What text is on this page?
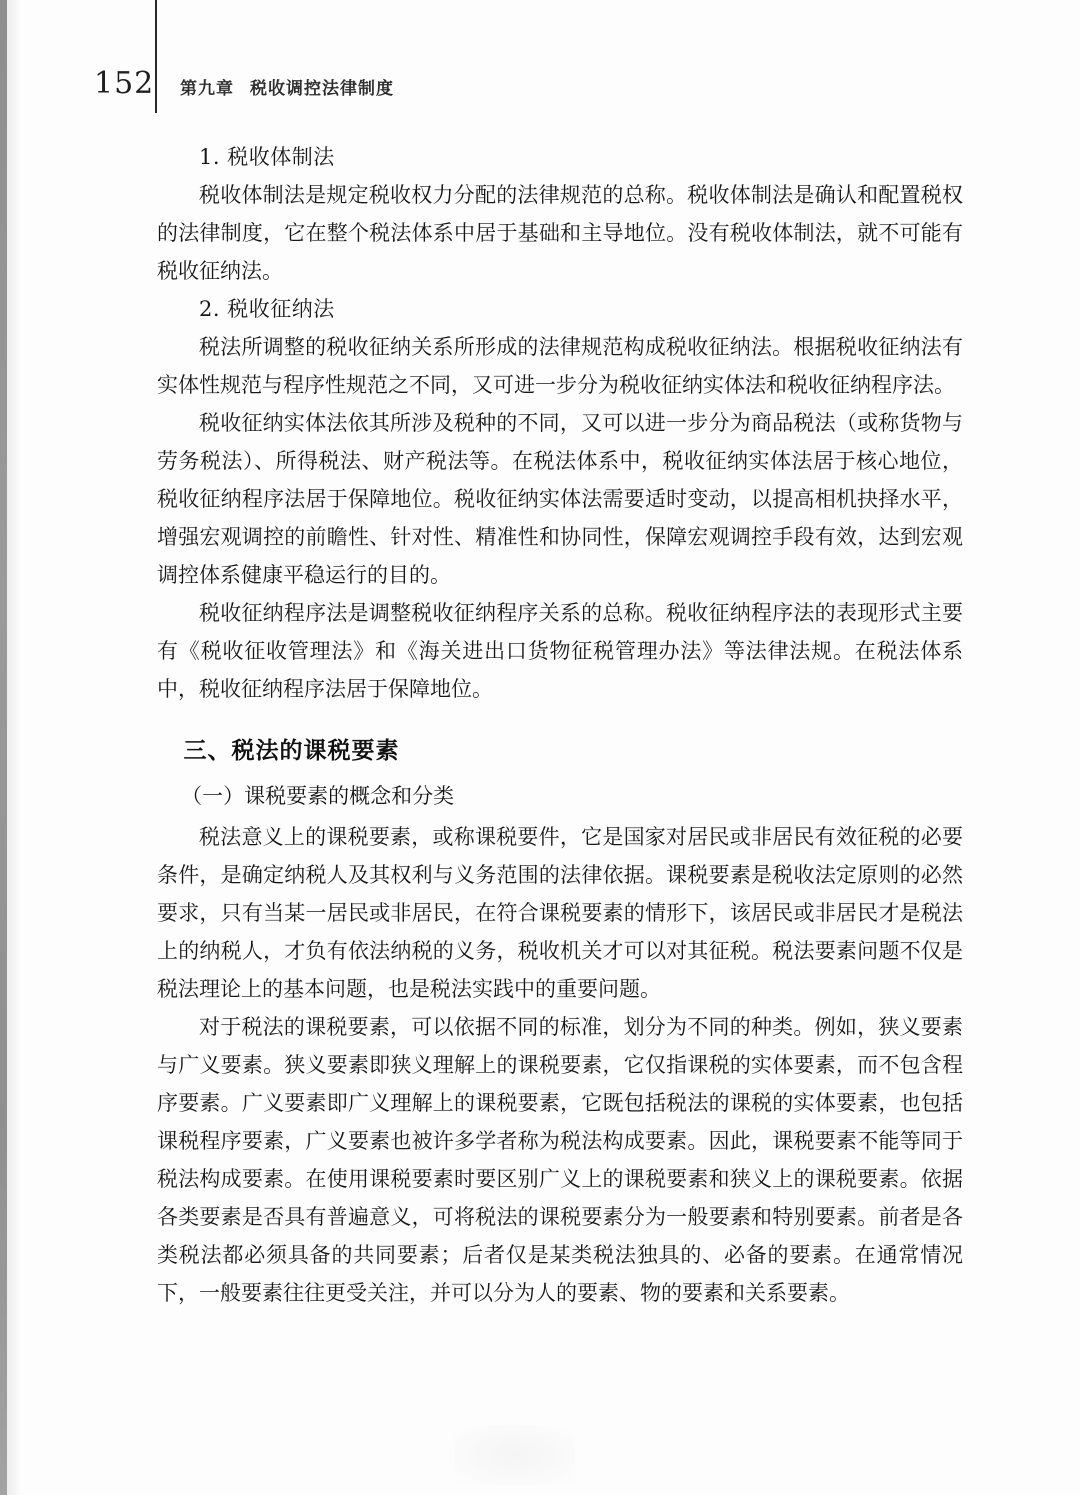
152 第九章 税收调控法律制度

1. 税收体制法

税收体制法是规定税收权力分配的法律规范的总称。税收体制法是确认和配置税权的法律制度，它在整个税法体系中居于基础和主导地位。没有税收体制法，就不可能有税收征纳法。

2. 税收征纳法

税法所调整的税收征纳关系所形成的法律规范构成税收征纳法。根据税收征纳法有实体性规范与程序性规范之不同，又可进一步分为税收征纳实体法和税收征纳程序法。

税收征纳实体法依其所涉及税种的不同，又可以进一步分为商品税法（或称货物与劳务税法）、所得税法、财产税法等。在税法体系中，税收征纳实体法居于核心地位，税收征纳程序法居于保障地位。税收征纳实体法需要适时变动，以提高相机抉择水平，增强宏观调控的前瞻性、针对性、精准性和协同性，保障宏观调控手段有效，达到宏观调控体系健康平稳运行的目的。

税收征纳程序法是调整税收征纳程序关系的总称。税收征纳程序法的表现形式主要有《税收征收管理法》和《海关进出口货物征税管理办法》等法律法规。在税法体系中，税收征纳程序法居于保障地位。

三、税法的课税要素

（一）课税要素的概念和分类

税法意义上的课税要素，或称课税要件，它是国家对居民或非居民有效征税的必要条件，是确定纳税人及其权利与义务范围的法律依据。课税要素是税收法定原则的必然要求，只有当某一居民或非居民，在符合课税要素的情形下，该居民或非居民才是税法上的纳税人，才负有依法纳税的义务，税收机关才可以对其征税。税法要素问题不仅是税法理论上的基本问题，也是税法实践中的重要问题。

对于税法的课税要素，可以依据不同的标准，划分为不同的种类。例如，狭义要素与广义要素。狭义要素即狭义理解上的课税要素，它仅指课税的实体要素，而不包含程序要素。广义要素即广义理解上的课税要素，它既包括税法的课税的实体要素，也包括课税程序要素，广义要素也被许多学者称为税法构成要素。因此，课税要素不能等同于税法构成要素。在使用课税要素时要区别广义上的课税要素和狭义上的课税要素。依据各类要素是否具有普遍意义，可将税法的课税要素分为一般要素和特别要素。前者是各类税法都必须具备的共同要素；后者仅是某类税法独具的、必备的要素。在通常情况下，一般要素往往更受关注，并可以分为人的要素、物的要素和关系要素。
